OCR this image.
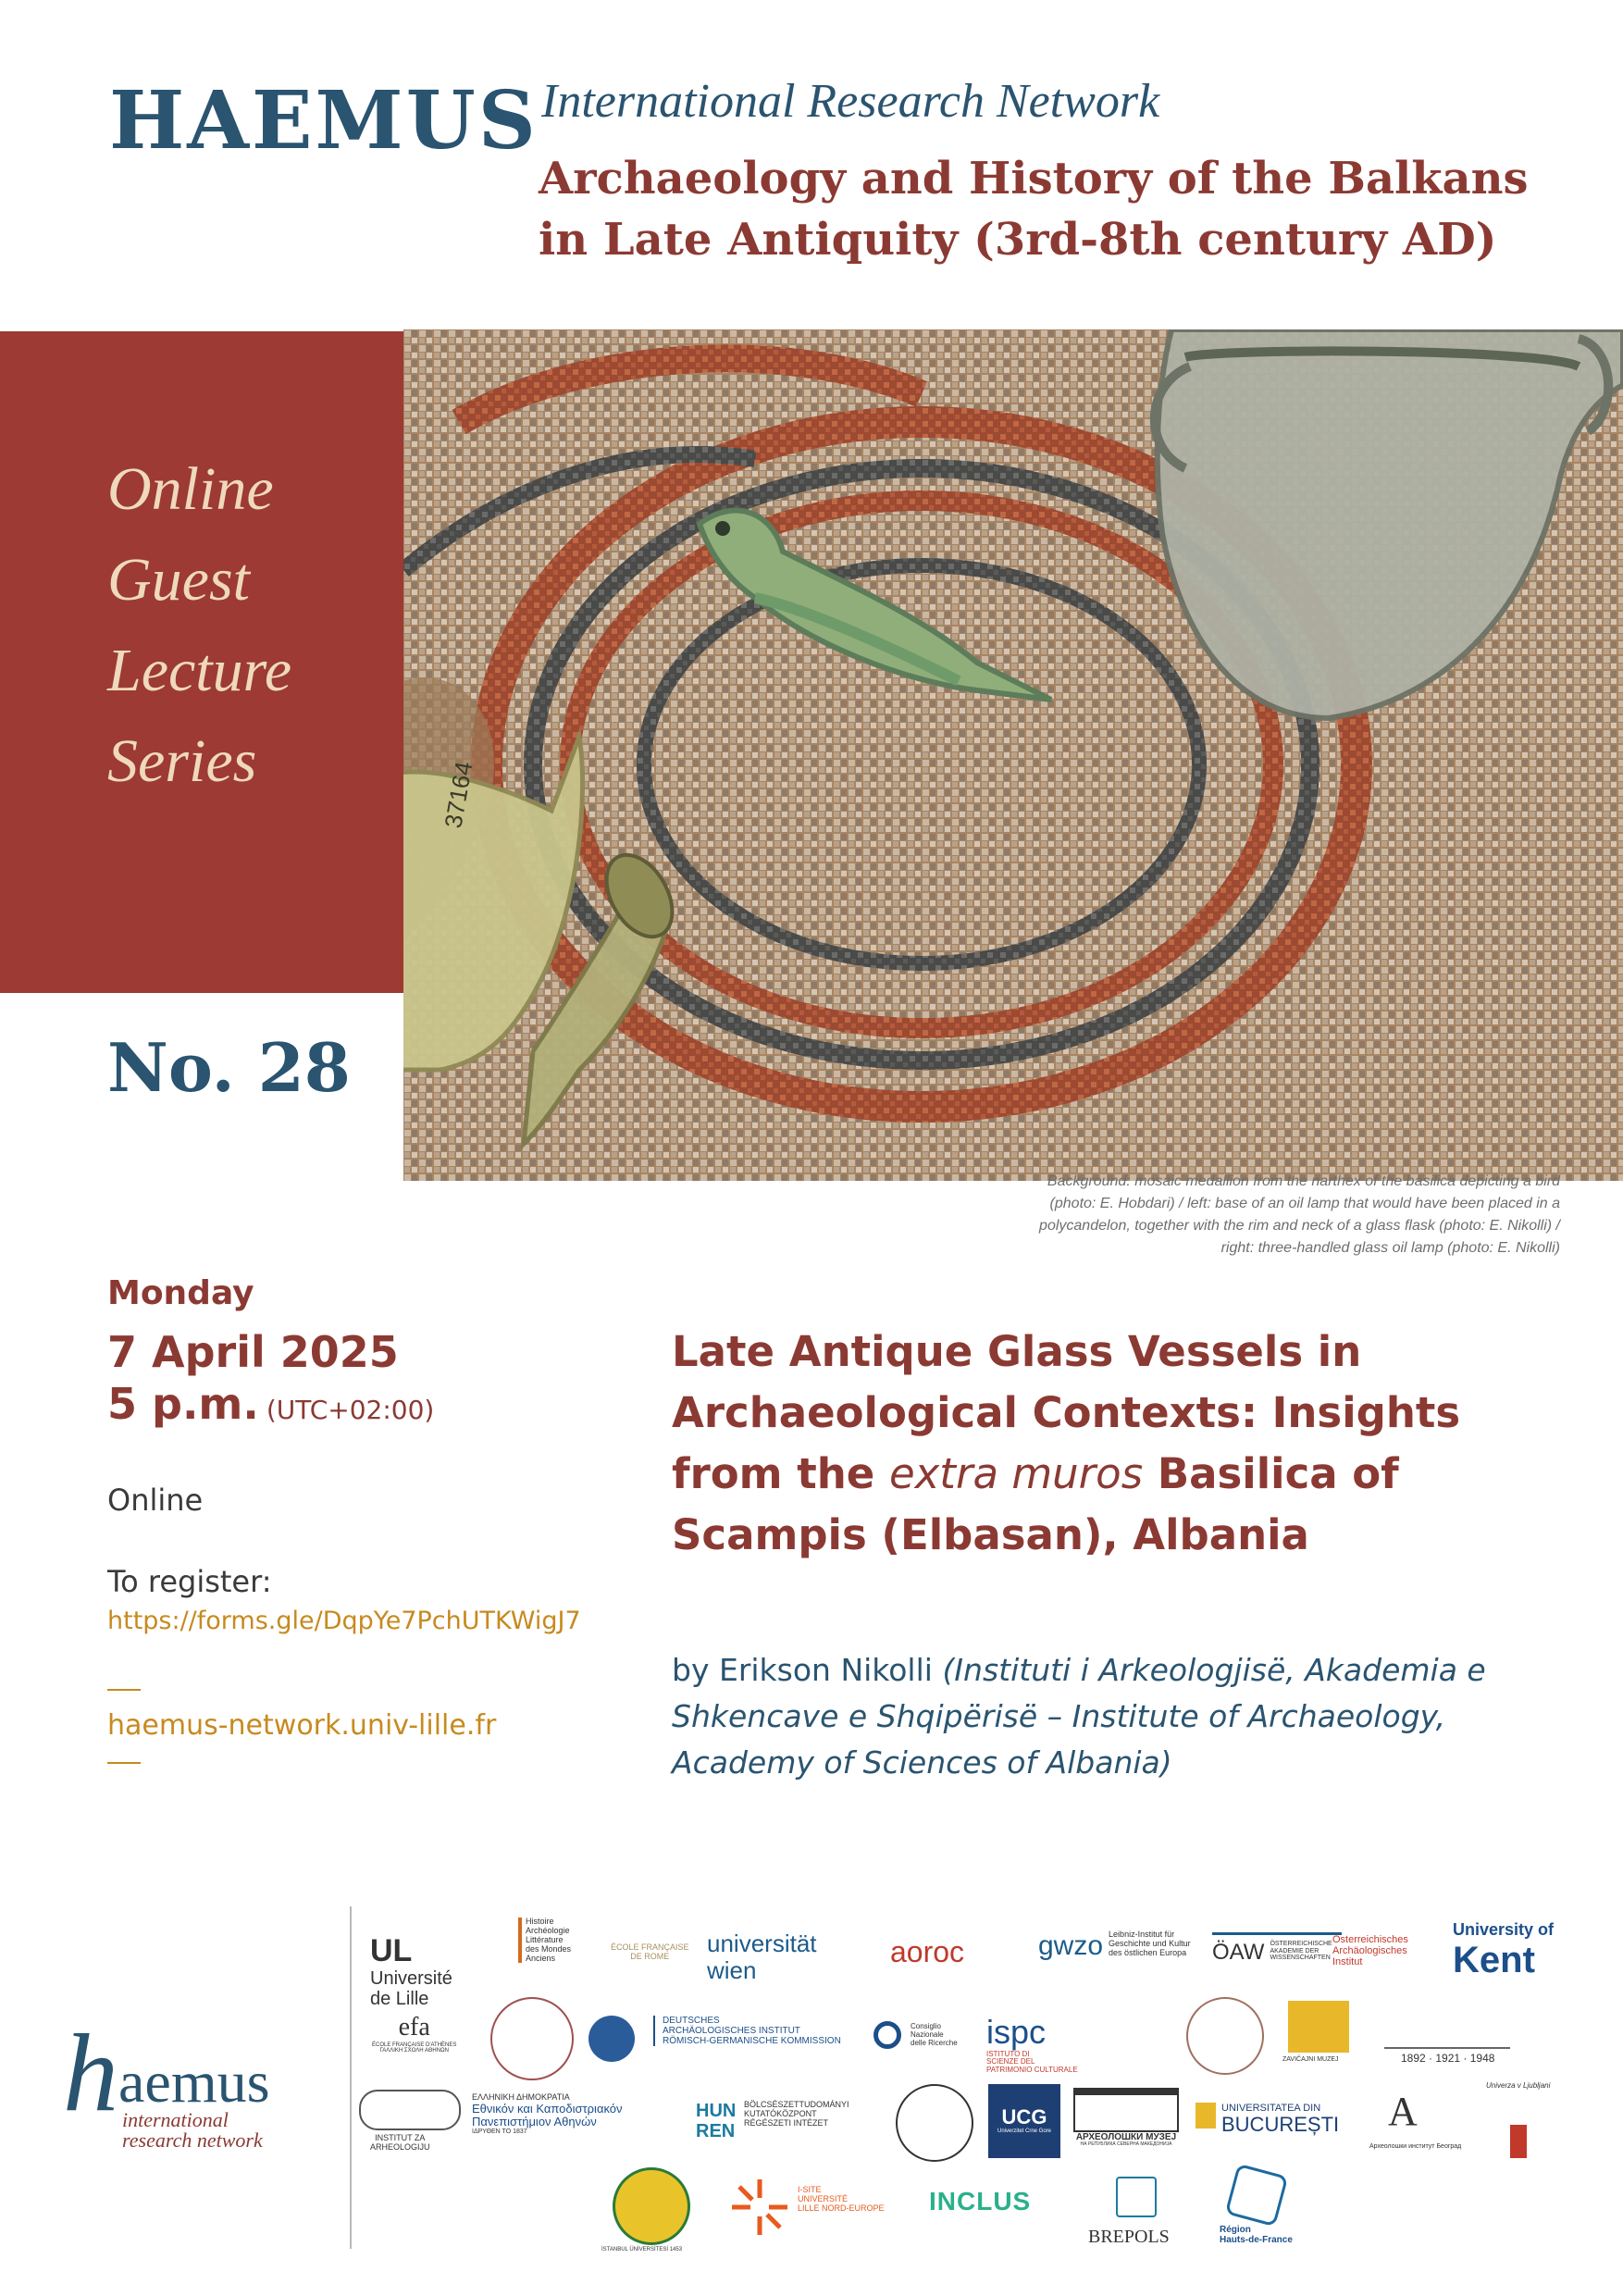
HAEMUS International Research Network
Archaeology and History of the Balkans
in Late Antiquity (3rd-8th century AD)
Online
Guest
Lecture
Series	37164
No. 28
Background: mosaic medallion from the narthex of the basilica depicting a bird
(photo: E. Hobdari) / left: base of an oil lamp that would have been placed in a
polycandelon, together with the rim and neck of a glass flask (photo: E. Nikolli) /
right: three-handled glass oil lamp (photo: E. Nikolli)
Monday
7 April 2025
5 p.m. (UTC+02:00)
Online
To register:
https://forms.gle/DqpYe7PchUTKWigJ7
haemus-network.univ-lille.fr
Late Antique Glass Vessels in
Archaeological Contexts: Insights
from the extra muros Basilica of
Scampis (Elbasan), Albania
by Erikson Nikolli (Instituti i Arkeologjisë, Akademia e
Shkencave e Shqipërisë – Institute of Archaeology,
Academy of Sciences of Albania)
h aemus
international
research network
UL
Université
de Lille
Histoire
Archéologie
Littérature
des Mondes Anciens
ÉCOLE FRANÇAISE
DE ROME	universität
wien
aoroc	gwzo Leibniz-Institut für
Geschichte und Kultur
des östlichen Europa	ÖAW ÖSTERREICHISCHE
AKADEMIE DER
WISSENSCHAFTEN
Österreichisches
Archäologisches
Institut
University of
Kent
efa
ÉCOLE FRANÇAISE D'ATHÈNES
ΓΑΛΛΙΚΗ ΣΧΟΛΗ ΑΘΗΝΩΝ
DEUTSCHES
ARCHÄOLOGISCHES INSTITUT
RÖMISCH-GERMANISCHE KOMMISSION
Consiglio
Nazionale
delle Ricerche ispc
ISTITUTO DI
SCIENZE DEL
PATRIMONIO CULTURALE
ZAVIČAJNI MUZEJ	1892 · 1921 · 1948
INSTITUT ZA
ARHEOLOGIJU
ΕΛΛΗΝΙΚΗ ΔΗΜΟΚΡΑΤΙΑ
Εθνικόν και Καποδιστριακόν
Πανεπιστήμιον Αθηνών
ΙΔΡΥΘΕΝ ΤΟ 1837
HUN
REN
BÖLCSÉSZETTUDOMÁNYI
KUTATÓKÖZPONT
RÉGÉSZETI INTÉZET	UCG
Univerzitet Crne Gore
АРХЕОЛОШКИ МУЗЕЈ
НА РЕПУБЛИКА СЕВЕРНА МАКЕДОНИЈА
UNIVERSITATEA DIN
BUCUREȘTI A
Археолошки институт Београд
Univerza v Ljubljani
İSTANBUL ÜNİVERSİTESİ 1453
I-SITE
UNIVERSITÉ
LILLE NORD-EUROPE INCLUS
BREPOLS	Région
Hauts-de-France
